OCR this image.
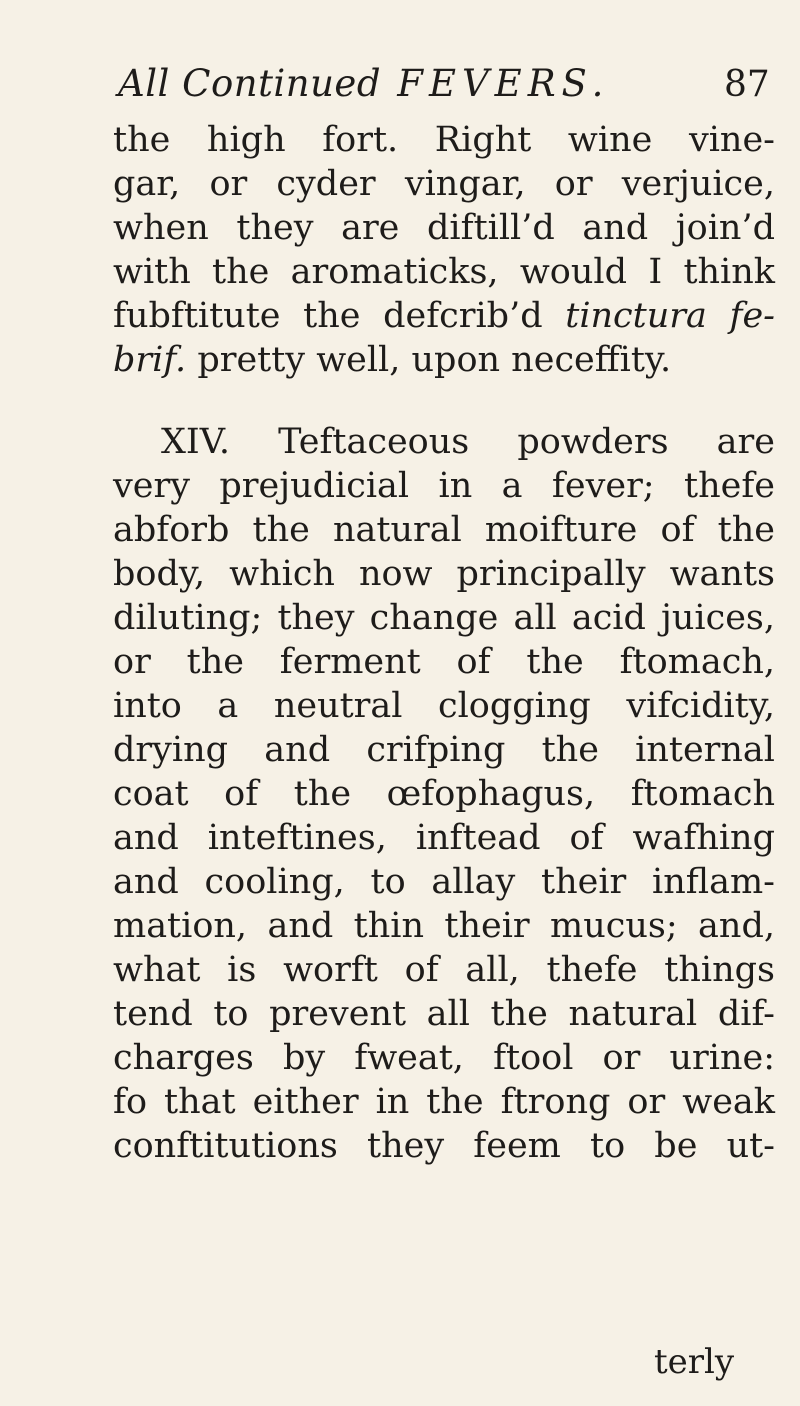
All Continued FEVERS.	87
the high fort. Right wine vine-
gar, or cyder vingar, or verjuice,
when they are diftill’d and join’d
with the aromaticks, would I think
fubftitute the defcrib’d tinctura fe-
brif. pretty well, upon neceffity.
XIV. Teftaceous powders are
very prejudicial in a fever; thefe
abforb the natural moifture of the
body, which now principally wants
diluting; they change all acid juices,
or the ferment of the ftomach,
into a neutral clogging vifcidity,
drying and crifping the internal
coat of the œfophagus, ftomach
and inteftines, inftead of wafhing
and cooling, to allay their inflam-
mation, and thin their mucus; and,
what is worft of all, thefe things
tend to prevent all the natural dif-
charges by fweat, ftool or urine:
fo that either in the ftrong or weak
conftitutions they feem to be ut-
terly
